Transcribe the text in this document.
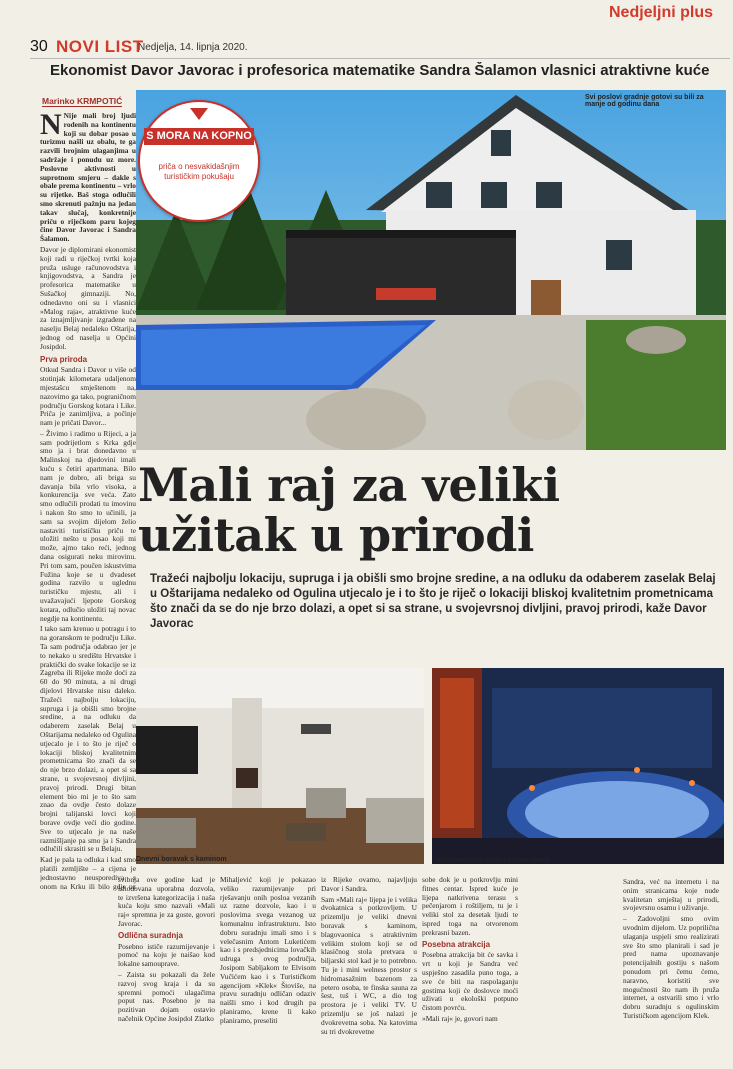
Nedjeljni plus
30 NOVI LIST
Nedjelja, 14. lipnja 2020.
Ekonomist Davor Javorac i profesorica matematike Sandra Šalamon vlasnici atraktivne kuće
Marinko KRMPOTIĆ

N Nije mali broj ljudi rodenih na kontinentu koji su dobar posao u turizmu našli uz obalu, te ga razvili brojnim ulaganjima u sadržaje i ponudu uz more. Poslovne aktivnosti u suprotnom smjeru – dakle s obale prema kontinentu – vrlo su rijetke. Baš stoga odlučili smo skrenuti pažnju na jedan takav slučaj, konkretnije priču o riječkom paru kojeg čine Davor Javorac i Sandra Šalamon.

Davor je diplomirani ekonomist koji radi u riječkoj tvrtki koja pruža usluge računovodstva i knjigovodstva, a Sandra je profesorica matematike u Sušačkoj gimnaziji. No, odnedavno oni su i vlasnici »Malog raja«, atraktivne kuće za iznajmljivanje izgrađene na naselju Belaj nedaleko Oštarija, jednog od naselja u Općini Josipdol.

Prva priroda

Otkud Sandra i Davor u više od stotinjak kilometara udaljenom mjestašcu smještenom na, nazovimo ga tako, pograničnom području Gorskog kotara i Like. Priča je zanimljiva, a počinje nam je pričati Davor...

– Živimo i radimo u Rijeci, a ja sam podrijetlom s Krka gdje smo ja i brat donedavno u Malinskoj na djedovini imali kuću s četiri apartmana. Bilo nam je dobro, ali briga su davanja bila vrlo visoka, a konkurencija sve veća. Zato smo odlučili prodati tu imovinu i nakon što smo to učinili, ja sam sa svojim dijelom želio nastaviti turističku priču te uložiti nešto u posao koji mi može, ajmo tako reći, jednog dana osigurati neku mirovinu. Pri tom sam, poučen iskustvima Fužina koje se u dvadeset godina razvilo u uglednu turističku mjestu, ali i uvažavajući ljepote Gorskog kotara, odlučio uložiti taj novac negdje na kontinentu.

I tako sam krenuo u potragu i to na goranskom te području Like. Ta sam područja odabrao jer je to nekako u središtu Hrvatske i praktički do svake lokacije se iz Zagreba ili Rijeke može doći za 60 do 90 minuta, a ni drugi dijelovi Hrvatske nisu daleko. Tražeći najbolju lokaciju, supruga i ja obišli smo brojne sredine, a na odluku da odaberem zaselak Belaj u Oštarijama nedaleko od Ogulina utjecalo je i to što je riječ o lokaciji bliskoj kvalitetnim prometnicama što znači da se do nje brzo dolazi, a opet si sa strane, u svojevrsnoj divljini, pravoj prirodi. Drugi bitan element bio mi je to što sam znao da ovdje često dolaze brojni talijanski lovci koji borave ovdje veći dio godine. Sve to utjecalo je na naše razmišljanje pa smo ja i Sandra odlučili skrasiti se u Belaju.

Kad je pala ta odluka i kad smo platili zemljište – a cijena je jednostavno neusporediva s onom na Krku ili bilo gdje uz

Svi poslovi gradnje gotovi su bili za manje od godinu dana
S MORA NA KOPNO
priča o nesvakidašnjim turističkim pokušaju
Mali raj za veliki
užitak u prirodi
Tražeći najbolju lokaciju, supruga i ja obišli smo brojne sredine, a na odluku da odaberem zaselak Belaj u Oštarijama nedaleko od Ogulina utjecalo je i to što je riječ o lokaciji bliskoj kvalitetnim prometnicama što znači da se do nje brzo dolazi, a opet si sa strane, u svojevrsnoj divljini, pravoj prirodi, kaže Davor Javorac
Dnevni boravak s kaminom	Hidromasažna kada i finska sauna

svibnja ove godine kad je ishodovana uporabna dozvola, te izvršena kategorizacija i naša kuća koju smo nazvali »Mali raj« spremna je za goste, govori Javorac.

Odlična suradnja

Posebno ističe razumijevanje i pomoć na koju je naišao kod lokalne samouprave.

– Zaista su pokazali da žele razvoj svog kraja i da su spremni pomoći ulagačima poput nas. Posebno je na pozitivan dojam ostavio načelnik Općine Josipdol Zlatko

Mihaljević koji je pokazao veliko razumijevanje pri rješavanju onih posloa vezanih uz razne dozvole, kao i u poslovima svega vezanog uz komunalnu infrastrukturu. Isto dobru suradnju imali smo i s velečasnim Antom Luketićem kao i s predsjednicima lovačkih udruga s ovog područja, Josipom Sabljakom te Elvisom Vučićem kao i s Turističkom agencijom »Klek« Štoviše, na pravu suradnju odličan odaziv naišli smo i kod drugih pa planiramo, krene li kako planiramo, preseliti

iz Rijeke ovamo, najavljuju Davor i Sandra.

Sam »Mali raj« lijepa je i velika dvokatnica s potkrovljem. U prizemlju je veliki dnevni boravak s kaminom, blagovaonica s atraktivnim velikim stolom koji se od klasičnog stola pretvara u biljarski stol kad je to potrebno. Tu je i mini welness prostor s hidromasažnim bazenom za petero osoba, te finska sauna za šest, tuš i WC, a dio tog prostora je i veliki TV. U prizemlju se još nalazi je dvokrevetna soba. Na katovima su tri dvokrevetne

sobe dok je u potkrovlju mini fitnes centar. Ispred kuće je lijepa natkrivena terasu s pečenjarom i roštiljem, tu je i veliki stol za desetak ljudi te ispred toga na otvorenom prekrasni bazen.

Posebna atrakcija

Posebna atrakcija bit će savka i vrt u koji je Sandra već uspješno zasadila puno toga, a sve će biti na raspolaganju gostima koji će doslovce moći uživati u ekološki potpuno čistom povrću.

»Mali raj« je, govori nam

Sandra, već na internetu i na onim stranicama koje nude kvalitetan smještaj u prirodi, svojevrsnu osamu i uživanje.

– Zadovoljni smo ovim uvodnim dijelom. Uz poprilična ulaganja uspjeli smo realizirati sve što smo planirali i sad je pred nama upoznavanje potencijalnih gostiju s našom ponudom pri čemu ćemo, naravno, koristiti sve mogućnosti što nam ih pruža internet, a ostvarili smo i vrlo dobru suradnju s ogulinskim Turističkom agencijom Klek.
